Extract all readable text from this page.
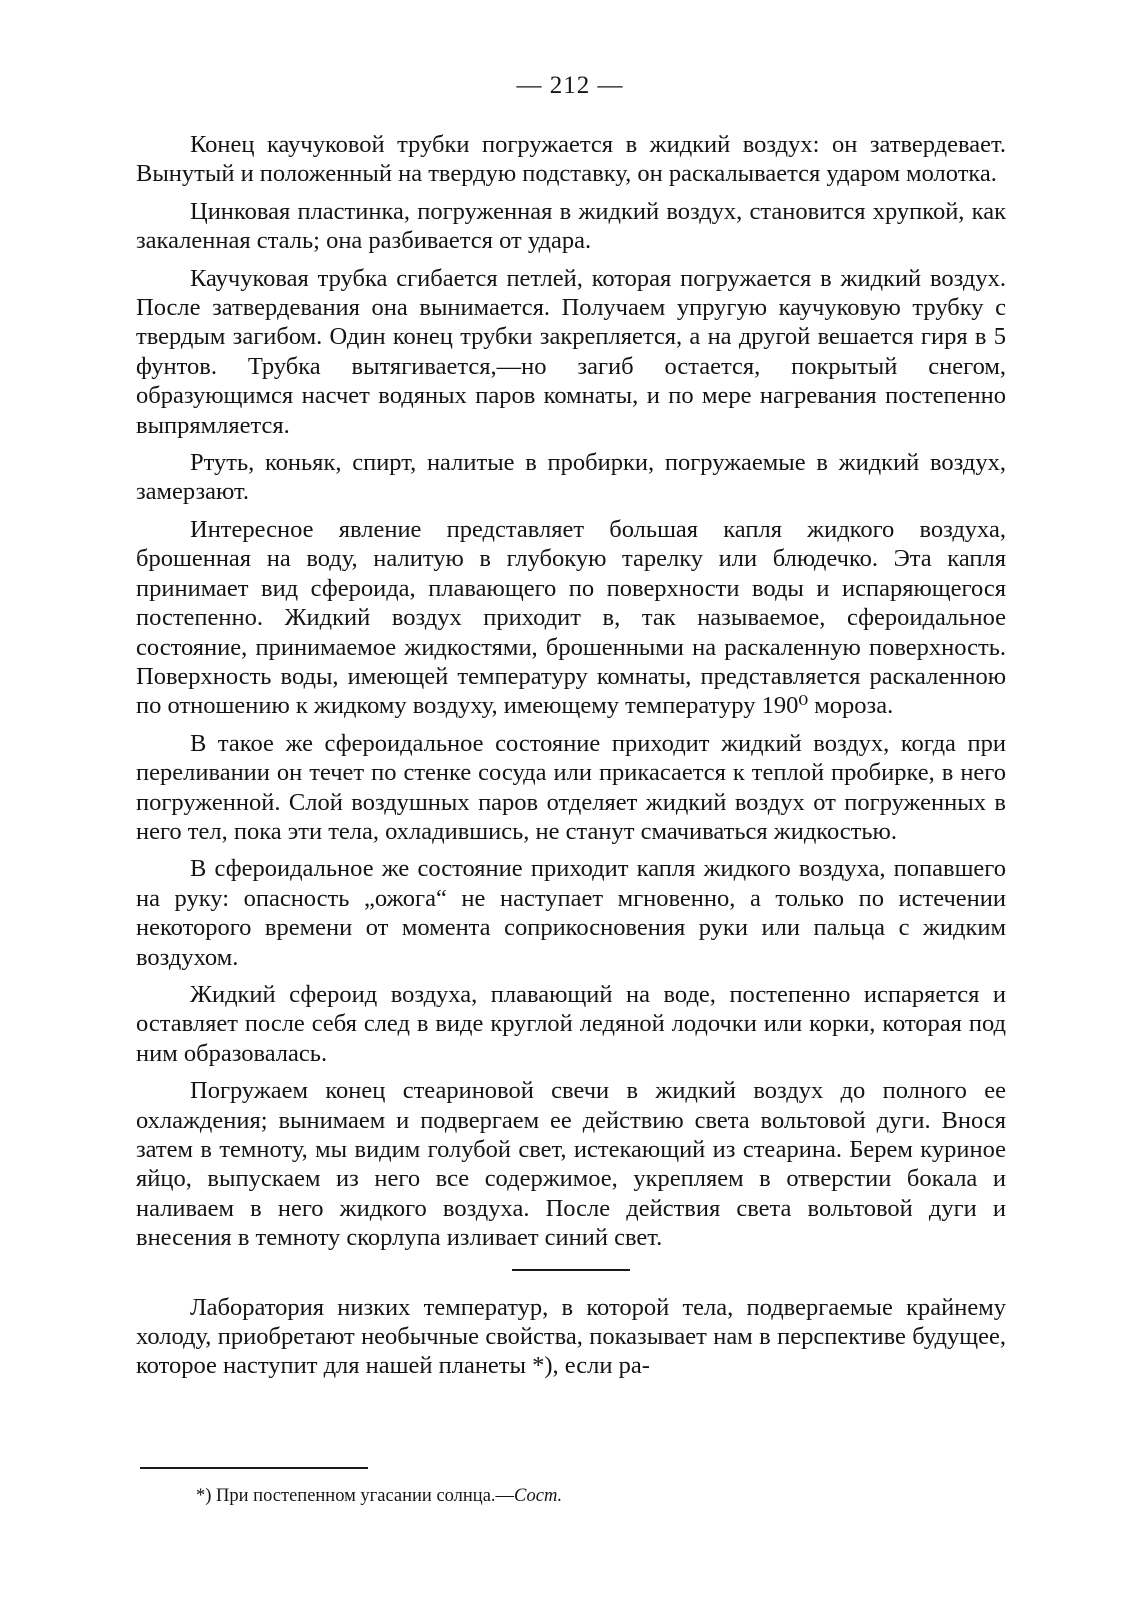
— 212 —

Конец каучуковой трубки погружается в жидкий воздух: он затвердевает. Вынутый и положенный на твердую подставку, он раскалывается ударом молотка.

Цинковая пластинка, погруженная в жидкий воздух, становится хрупкой, как закаленная сталь; она разбивается от удара.

Каучуковая трубка сгибается петлей, которая погружается в жидкий воздух. После затвердевания она вынимается. Получаем упругую каучуковую трубку с твердым загибом. Один конец трубки закрепляется, а на другой вешается гиря в 5 фунтов. Трубка вытягивается,—но загиб остается, покрытый снегом, образующимся насчет водяных паров комнаты, и по мере нагревания постепенно выпрямляется.

Ртуть, коньяк, спирт, налитые в пробирки, погружаемые в жидкий воздух, замерзают.

Интересное явление представляет большая капля жидкого воздуха, брошенная на воду, налитую в глубокую тарелку или блюдечко. Эта капля принимает вид сфероида, плавающего по поверхности воды и испаряющегося постепенно. Жидкий воздух приходит в, так называемое, сфероидальное состояние, принимаемое жидкостями, брошенными на раскаленную поверхность. Поверхность воды, имеющей температуру комнаты, представляется раскаленною по отношению к жидкому воздуху, имеющему температуру 190⁰ мороза.

В такое же сфероидальное состояние приходит жидкий воздух, когда при переливании он течет по стенке сосуда или прикасается к теплой пробирке, в него погруженной. Слой воздушных паров отделяет жидкий воздух от погруженных в него тел, пока эти тела, охладившись, не станут смачиваться жидкостью.

В сфероидальное же состояние приходит капля жидкого воздуха, попавшего на руку: опасность „ожога“ не наступает мгновенно, а только по истечении некоторого времени от момента соприкосновения руки или пальца с жидким воздухом.

Жидкий сфероид воздуха, плавающий на воде, постепенно испаряется и оставляет после себя след в виде круглой ледяной лодочки или корки, которая под ним образовалась.

Погружаем конец стеариновой свечи в жидкий воздух до полного ее охлаждения; вынимаем и подвергаем ее действию света вольтовой дуги. Внося затем в темноту, мы видим голубой свет, истекающий из стеарина. Берем куриное яйцо, выпускаем из него все содержимое, укрепляем в отверстии бокала и наливаем в него жидкого воздуха. После действия света вольтовой дуги и внесения в темноту скорлупа изливает синий свет.

Лаборатория низких температур, в которой тела, подвергаемые крайнему холоду, приобретают необычные свойства, показывает нам в перспективе будущее, которое наступит для нашей планеты *), если ра-

*) При постепенном угасании солнца.—Сост.
